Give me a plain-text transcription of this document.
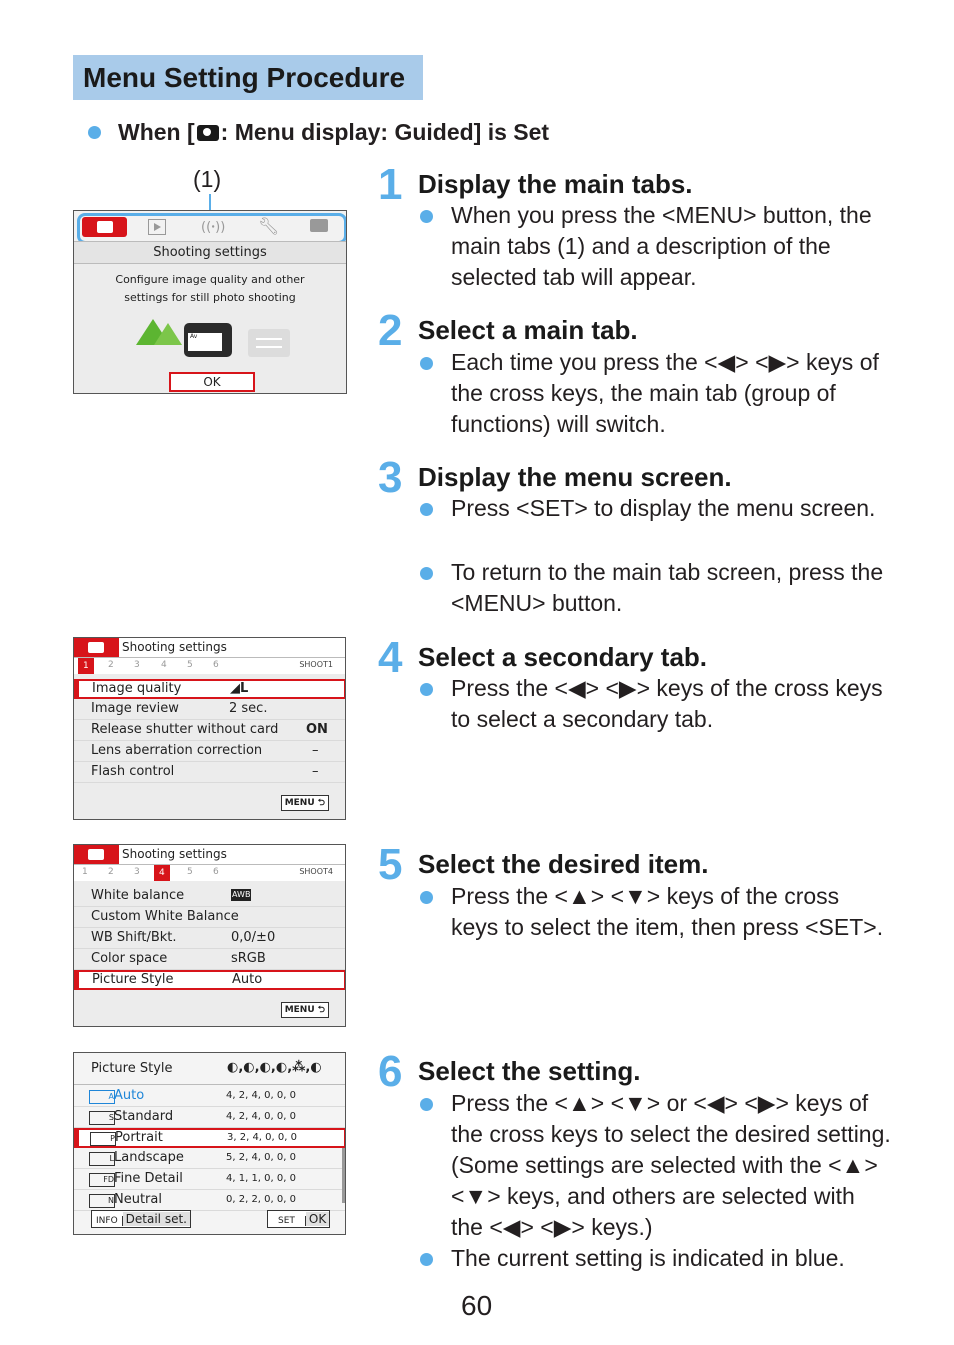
Menu Setting Procedure
When [ : Menu display: Guided] is Set
(1)
((ꞏ)) 🔧︎
Shooting settings
Configure image quality and other
settings for still photo shooting
Av
OK
Shooting settings
1	2 3 4 5 6	SHOOT1
Image quality	◢L
Image review	2 sec.
Release shutter without card ON
Lens aberration correction	–
Flash control	–
MENU ⮌
Shooting settings
1 2 3	4	5 6	SHOOT4
White balance	AWB
Custom White Balance
WB Shift/Bkt.	0,0/±0
Color space	sRGB
Picture Style	Auto
MENU ⮌
Picture Style	◐,◐,◐,◐,⁂,◐
A Auto	4, 2, 4, 0, 0, 0
S Standard	4, 2, 4, 0, 0, 0
P Portrait	3, 2, 4, 0, 0, 0
L Landscape	5, 2, 4, 0, 0, 0
FD Fine Detail	4, 1, 1, 0, 0, 0
N Neutral	0, 2, 2, 0, 0, 0
INFO Detail set.	SET OK
1 Display the main tabs.
When you press the <MENU> button, the main tabs (1) and a description of the selected tab will appear.
2 Select a main tab.
Each time you press the <◀> <▶> keys of the cross keys, the main tab (group of functions) will switch.
3 Display the menu screen.
Press <SET> to display the menu screen.
To return to the main tab screen, press the <MENU> button.
4 Select a secondary tab.
Press the <◀> <▶> keys of the cross keys to select a secondary tab.
5 Select the desired item.
Press the <▲> <▼> keys of the cross keys to select the item, then press <SET>.
6 Select the setting.
Press the <▲> <▼> or <◀> <▶> keys of the cross keys to select the desired setting. (Some settings are selected with the <▲> <▼> keys, and others are selected with the <◀> <▶> keys.)
The current setting is indicated in blue.
60
